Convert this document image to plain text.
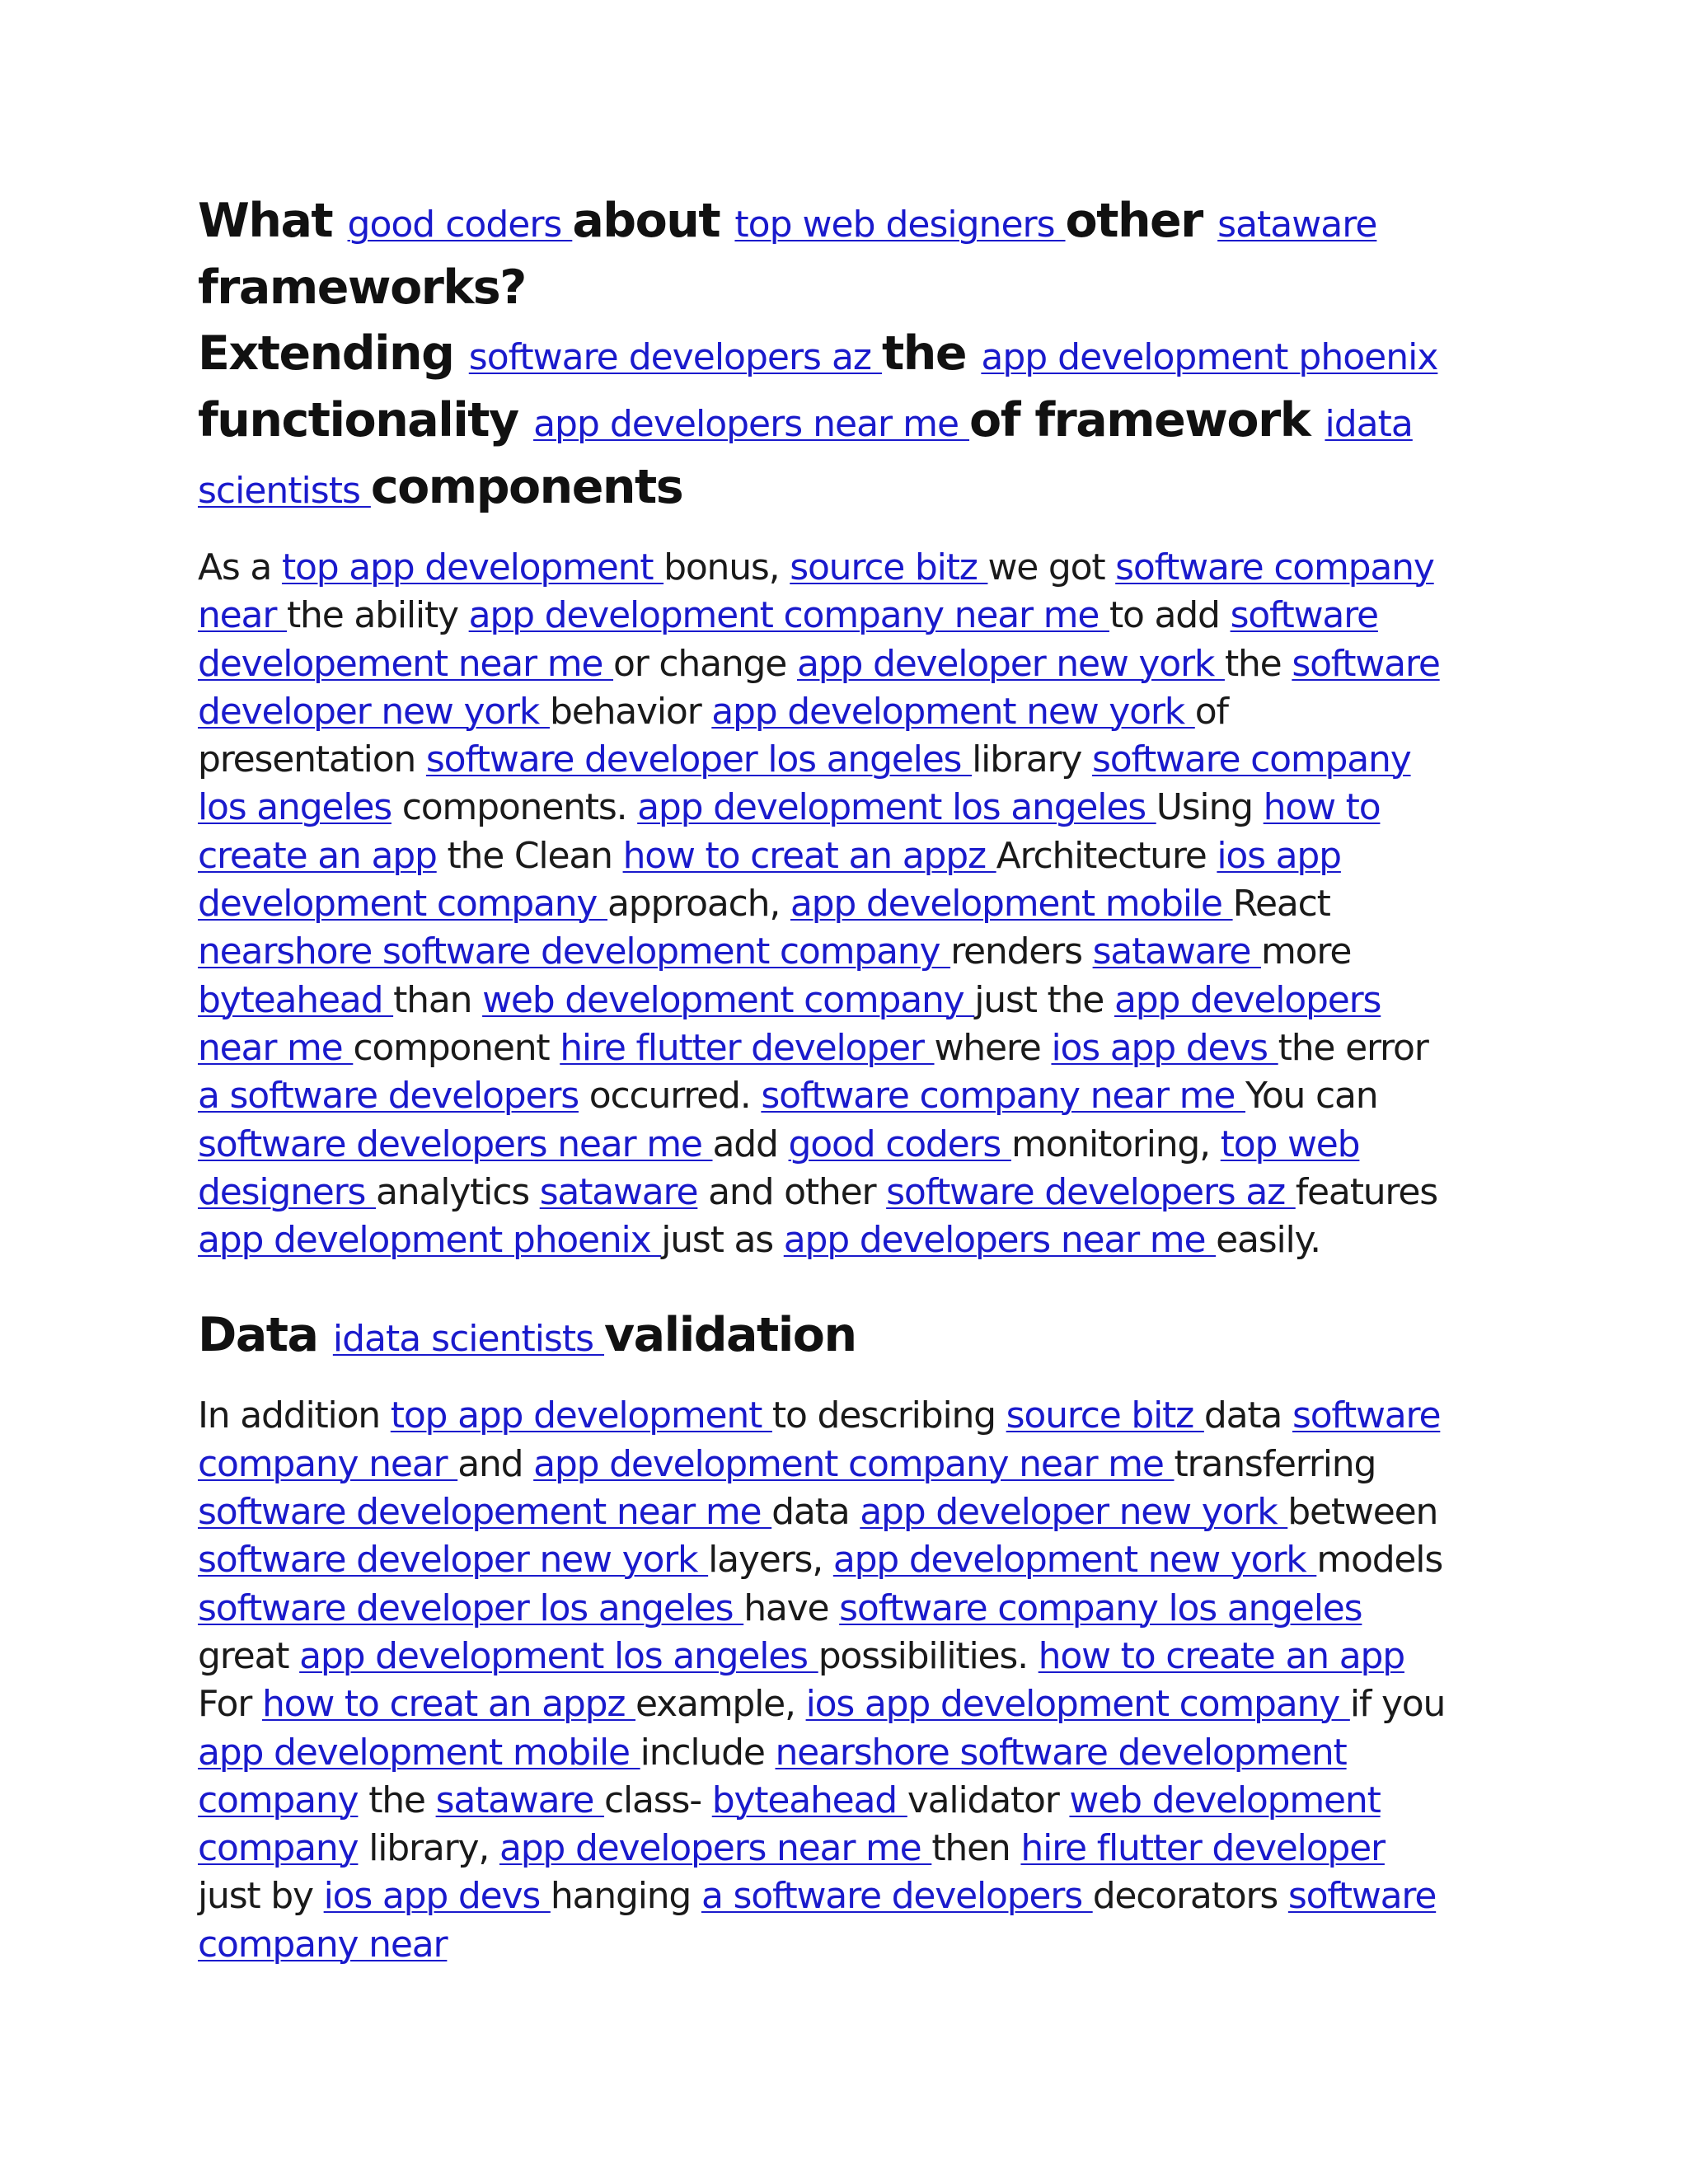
What good coders about top web designers other sataware frameworks?
Extending software developers az the app development phoenix functionality app developers near me of framework idata scientists components

As a top app development bonus, source bitz we got software company near the ability app development company near me to add software developement near me or change app developer new york the software developer new york behavior app development new york of presentation software developer los angeles library software company los angeles components. app development los angeles Using how to create an app the Clean how to creat an appz Architecture ios app development company approach, app development mobile React nearshore software development company renders sataware more byteahead than web development company just the app developers near me component hire flutter developer where ios app devs the error a software developers occurred. software company near me You can software developers near me add good coders monitoring, top web designers analytics sataware and other software developers az features app development phoenix just as app developers near me easily.

Data idata scientists validation

In addition top app development to describing source bitz data software company near and app development company near me transferring software developement near me data app developer new york between software developer new york layers, app development new york models software developer los angeles have software company los angeles great app development los angeles possibilities. how to create an app For how to creat an appz example, ios app development company if you app development mobile include nearshore software development company the sataware class- byteahead validator web development company library, app developers near me then hire flutter developer just by ios app devs hanging a software developers decorators software company near
